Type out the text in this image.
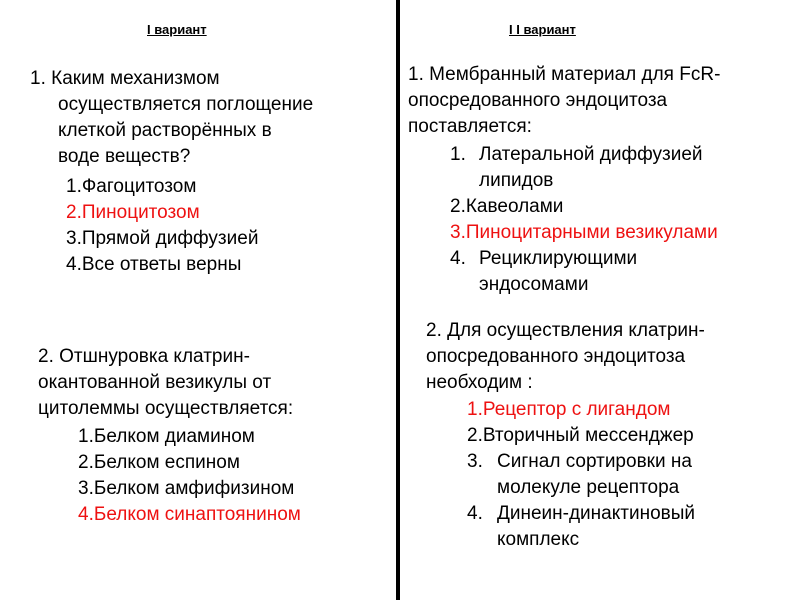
I вариант
1. Каким механизмом
осуществляется поглощение
клеткой растворённых в
воде веществ?
1.Фагоцитозом
2.Пиноцитозом
3.Прямой диффузией
4.Все ответы верны
2. Отшнуровка клатрин-
окантованной везикулы от
цитолеммы осуществляется:
1.Белком диамином
2.Белком еспином
3.Белком амфифизином
4.Белком синаптоянином
I I вариант
1. Мембранный материал для FcR-
опосредованного эндоцитоза
поставляется:
1. Латеральной диффузией
липидов
2.Кавеолами
3.Пиноцитарными везикулами
4. Рециклирующими
эндосомами
2. Для осуществления клатрин-
опосредованного эндоцитоза
необходим :
1.Рецептор с лигандом
2.Вторичный мессенджер
3. Сигнал сортировки на
молекуле рецептора
4. Динеин-динактиновый
комплекс
